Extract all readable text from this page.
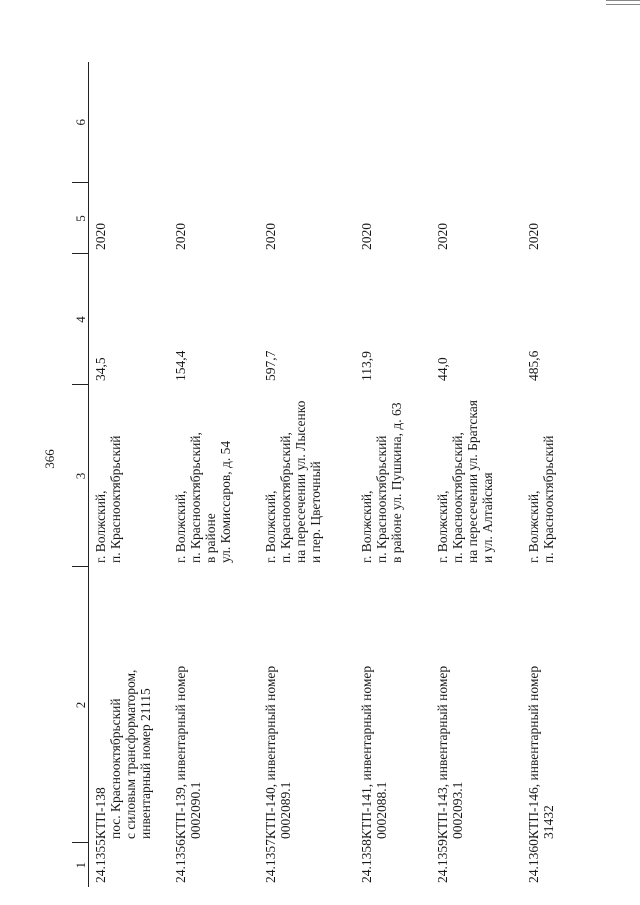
366
1	2	3	4	5	6
24.1355.	КТП-138 пос. Краснооктябрьский с силовым трансформатором, инвентарный номер 21115	г. Волжский, п. Краснооктябрьский	34,5	2020	
24.1356.	КТП-139, инвентарный номер 0002090.1	г. Волжский, п. Краснооктябрьский, в районе ул. Комиссаров, д. 54	154,4	2020	
24.1357.	КТП-140, инвентарный номер 0002089.1	г. Волжский, п. Краснооктябрьский, на пересечении ул. Лысенко и пер. Цветочный	597,7	2020	
24.1358.	КТП-141, инвентарный номер 0002088.1	г. Волжский, п. Краснооктябрьский в районе ул. Пушкина, д. 63	113,9	2020	
24.1359.	КТП-143, инвентарный номер 0002093.1	г. Волжский, п. Краснооктябрьский, на пересечении ул. Братская и ул. Алтайская	44,0	2020	
24.1360.	КТП-146, инвентарный номер 31432	г. Волжский, п. Краснооктябрьский	485,6	2020	
